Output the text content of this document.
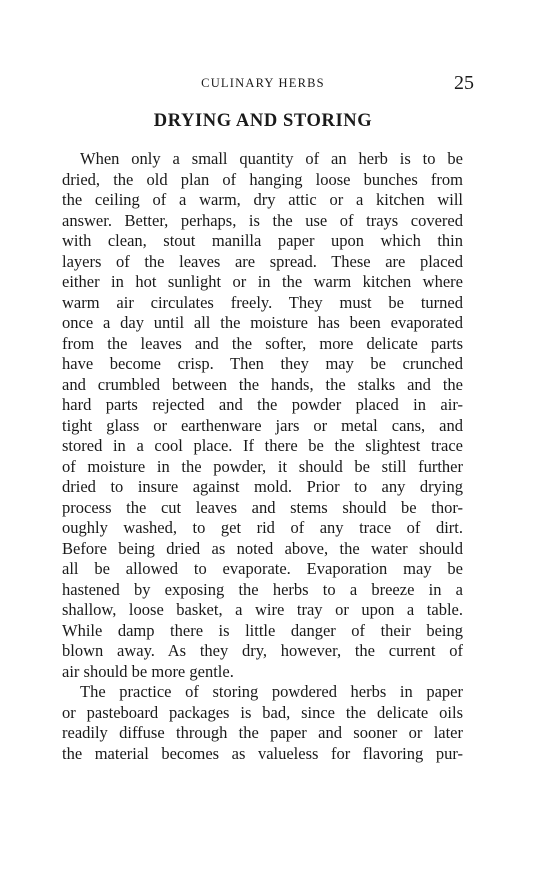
CULINARY HERBS	25
DRYING AND STORING
When only a small quantity of an herb is to be
dried, the old plan of hanging loose bunches from
the ceiling of a warm, dry attic or a kitchen will
answer. Better, perhaps, is the use of trays covered
with clean, stout manilla paper upon which thin
layers of the leaves are spread. These are placed
either in hot sunlight or in the warm kitchen where
warm air circulates freely. They must be turned
once a day until all the moisture has been evaporated
from the leaves and the softer, more delicate parts
have become crisp. Then they may be crunched
and crumbled between the hands, the stalks and the
hard parts rejected and the powder placed in air-
tight glass or earthenware jars or metal cans, and
stored in a cool place. If there be the slightest trace
of moisture in the powder, it should be still further
dried to insure against mold. Prior to any drying
process the cut leaves and stems should be thor-
oughly washed, to get rid of any trace of dirt.
Before being dried as noted above, the water should
all be allowed to evaporate. Evaporation may be
hastened by exposing the herbs to a breeze in a
shallow, loose basket, a wire tray or upon a table.
While damp there is little danger of their being
blown away. As they dry, however, the current of
air should be more gentle.
The practice of storing powdered herbs in paper
or pasteboard packages is bad, since the delicate oils
readily diffuse through the paper and sooner or later
the material becomes as valueless for flavoring pur-
